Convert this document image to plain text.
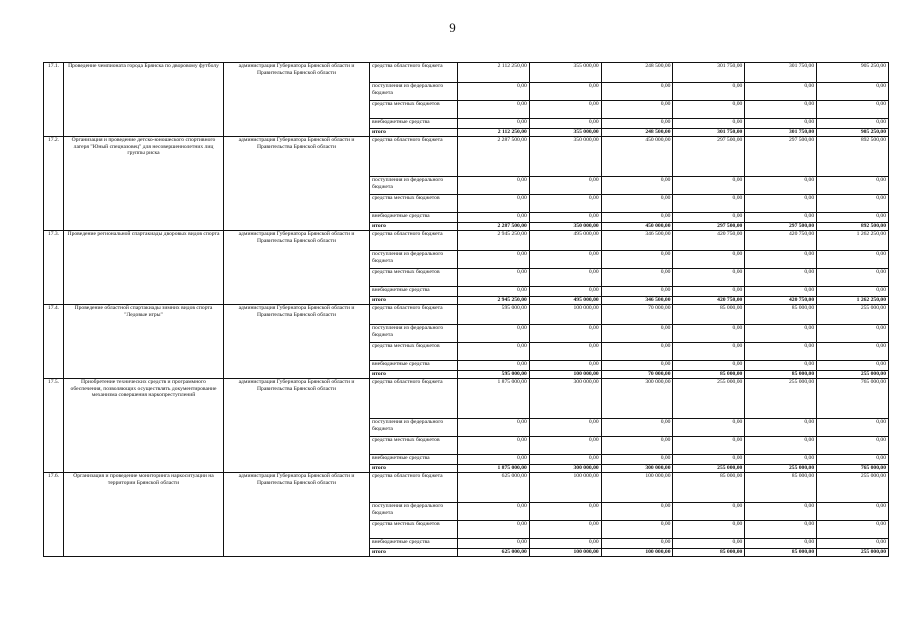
9
17.1.	Проведение чемпионата города Брянска по дворовому футболу	администрация Губернатора Брянской области и Правительства Брянской области	средства областного бюджета	2 112 250,00	355 000,00	248 500,00	301 750,00	301 750,00	905 250,00
			поступления из федерального бюджета	0,00	0,00	0,00	0,00	0,00	0,00
			средства местных бюджетов	0,00	0,00	0,00	0,00	0,00	0,00
			внебюджетные средства	0,00	0,00	0,00	0,00	0,00	0,00
			итого	2 112 250,00	355 000,00	248 500,00	301 750,00	301 750,00	905 250,00
17.2.	Организация и проведение детско-юношеского спортивного лагеря "Юный спецназовец" для несовершеннолетних лиц группы риска	администрация Губернатора Брянской области и Правительства Брянской области	средства областного бюджета	2 287 500,00	350 000,00	450 000,00	297 500,00	297 500,00	892 500,00
			поступления из федерального бюджета	0,00	0,00	0,00	0,00	0,00	0,00
			средства местных бюджетов	0,00	0,00	0,00	0,00	0,00	0,00
			внебюджетные средства	0,00	0,00	0,00	0,00	0,00	0,00
			итого	2 287 500,00	350 000,00	450 000,00	297 500,00	297 500,00	892 500,00
17.3.	Проведение региональной спартакиады дворовых видов спорта	администрация Губернатора Брянской области и Правительства Брянской области	средства областного бюджета	2 945 250,00	495 000,00	346 500,00	420 750,00	420 750,00	1 262 250,00
			поступления из федерального бюджета	0,00	0,00	0,00	0,00	0,00	0,00
			средства местных бюджетов	0,00	0,00	0,00	0,00	0,00	0,00
			внебюджетные средства	0,00	0,00	0,00	0,00	0,00	0,00
			итого	2 945 250,00	495 000,00	346 500,00	420 750,00	420 750,00	1 262 250,00
17.4.	Проведение областной спартакиады зимних видов спорта "Ледовые игры"	администрация Губернатора Брянской области и Правительства Брянской области	средства областного бюджета	595 000,00	100 000,00	70 000,00	85 000,00	85 000,00	255 000,00
			поступления из федерального бюджета	0,00	0,00	0,00	0,00	0,00	0,00
			средства местных бюджетов	0,00	0,00	0,00	0,00	0,00	0,00
			внебюджетные средства	0,00	0,00	0,00	0,00	0,00	0,00
			итого	595 000,00	100 000,00	70 000,00	85 000,00	85 000,00	255 000,00
17.5.	Приобретение технических средств и программного обеспечения, позволяющих осуществлять документирование механизма совершения наркопреступлений	администрация Губернатора Брянской области и Правительства Брянской области	средства областного бюджета	1 875 000,00	300 000,00	300 000,00	255 000,00	255 000,00	765 000,00
			поступления из федерального бюджета	0,00	0,00	0,00	0,00	0,00	0,00
			средства местных бюджетов	0,00	0,00	0,00	0,00	0,00	0,00
			внебюджетные средства	0,00	0,00	0,00	0,00	0,00	0,00
			итого	1 875 000,00	300 000,00	300 000,00	255 000,00	255 000,00	765 000,00
17.6.	Организация и проведение мониторинга наркоситуации на территории Брянской области	администрация Губернатора Брянской области и Правительства Брянской области	средства областного бюджета	625 000,00	100 000,00	100 000,00	85 000,00	85 000,00	255 000,00
			поступления из федерального бюджета	0,00	0,00	0,00	0,00	0,00	0,00
			средства местных бюджетов	0,00	0,00	0,00	0,00	0,00	0,00
			внебюджетные средства	0,00	0,00	0,00	0,00	0,00	0,00
			итого	625 000,00	100 000,00	100 000,00	85 000,00	85 000,00	255 000,00
